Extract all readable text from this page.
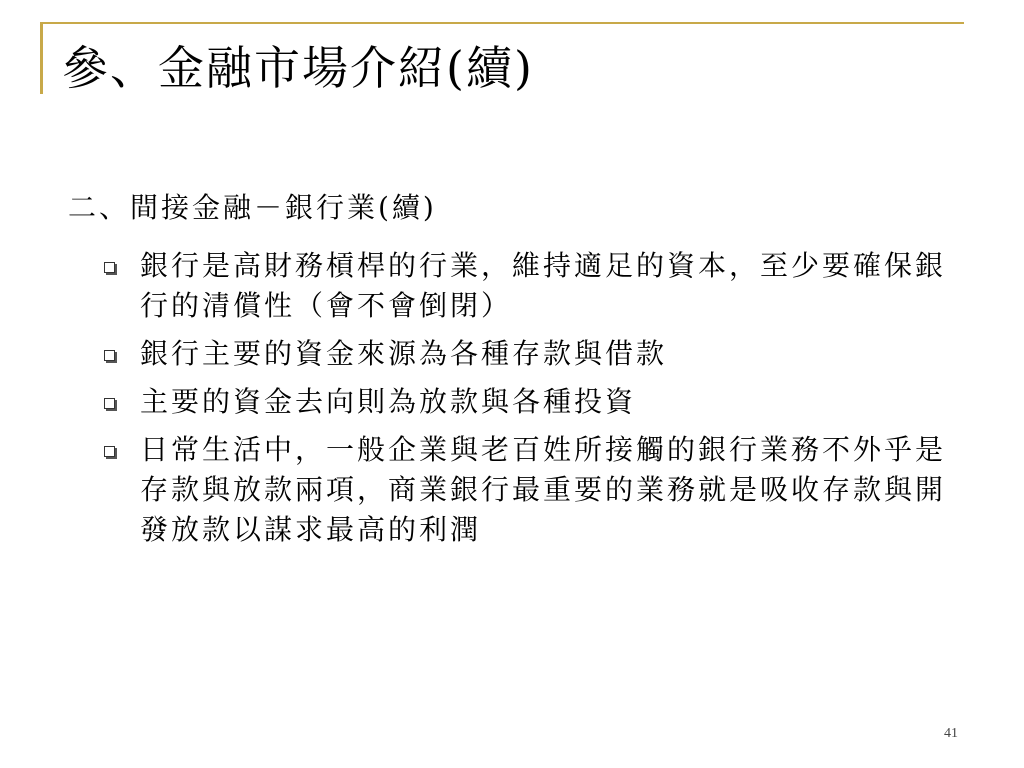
參、金融市場介紹(續)
二、間接金融－銀行業(續)
銀行是高財務槓桿的行業，維持適足的資本，至少要確保銀行的清償性（會不會倒閉）
銀行主要的資金來源為各種存款與借款
主要的資金去向則為放款與各種投資
日常生活中，一般企業與老百姓所接觸的銀行業務不外乎是存款與放款兩項，商業銀行最重要的業務就是吸收存款與開發放款以謀求最高的利潤
41
